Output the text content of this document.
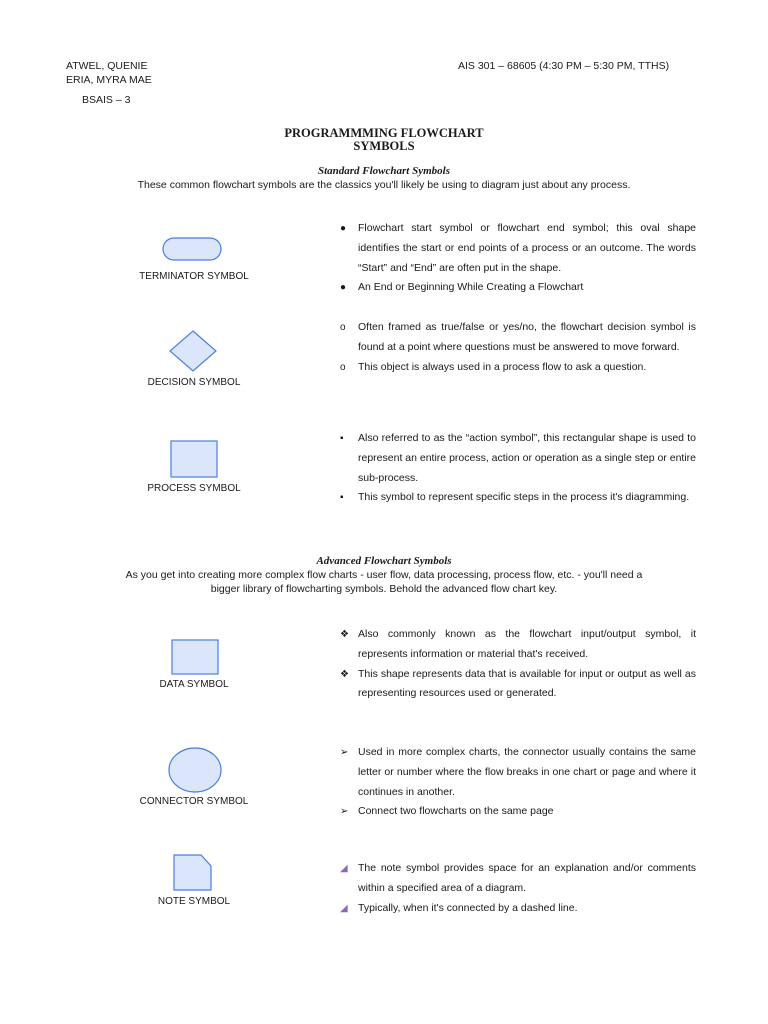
ATWEL, QUENIE
ERIA, MYRA MAE
BSAIS – 3
AIS 301 – 68605 (4:30 PM – 5:30 PM, TTHS)
PROGRAMMMING FLOWCHART
SYMBOLS
Standard Flowchart Symbols
These common flowchart symbols are the classics you'll likely be using to diagram just about any process.
TERMINATOR SYMBOL
●	Flowchart start symbol or flowchart end symbol; this oval shape identifies the start or end points of a process or an outcome. The words “Start” and “End” are often put in the shape.
●	An End or Beginning While Creating a Flowchart
DECISION SYMBOL
o	Often framed as true/false or yes/no, the flowchart decision symbol is found at a point where questions must be answered to move forward.
o	This object is always used in a process flow to ask a question.
PROCESS SYMBOL
▪	Also referred to as the “action symbol”, this rectangular shape is used to represent an entire process, action or operation as a single step or entire sub-process.
▪	This symbol to represent specific steps in the process it's diagramming.
Advanced Flowchart Symbols
As you get into creating more complex flow charts - user flow, data processing, process flow, etc. - you'll need a
bigger library of flowcharting symbols. Behold the advanced flow chart key.
DATA SYMBOL
❖ Also commonly known as the flowchart input/output symbol, it represents information or material that's received.
❖ This shape represents data that is available for input or output as well as representing resources used or generated.
CONNECTOR SYMBOL
➢ Used in more complex charts, the connector usually contains the same letter or number where the flow breaks in one chart or page and where it continues in another.
➢ Connect two flowcharts on the same page
NOTE SYMBOL
◢ The note symbol provides space for an explanation and/or comments within a specified area of a diagram.
◢ Typically, when it's connected by a dashed line.
